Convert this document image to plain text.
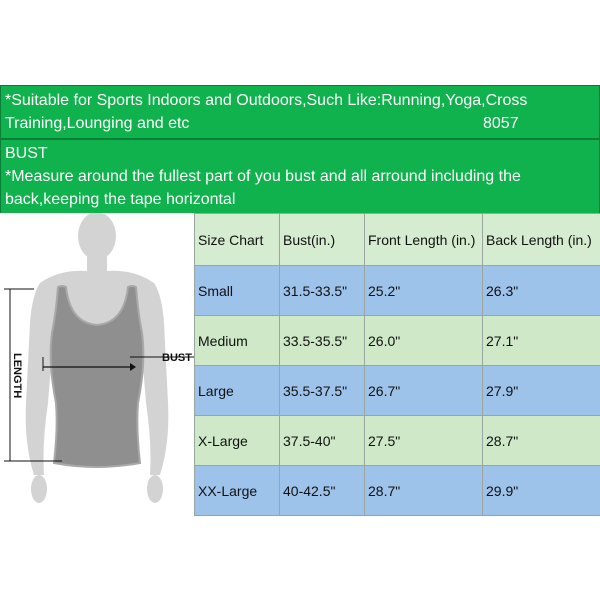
*Suitable for Sports Indoors and Outdoors,Such Like:Running,Yoga,Cross
Training,Lounging and etc	8057
BUST
*Measure around the fullest part of you bust and all arround including the
back,keeping the tape horizontal
LENGTH	BUST
Size Chart	Bust(in.)	Front Length (in.)	Back Length (in.)
Small	31.5-33.5"	25.2"	26.3"
Medium	33.5-35.5"	26.0"	27.1"
Large	35.5-37.5"	26.7"	27.9"
X-Large	37.5-40"	27.5"	28.7"
XX-Large	40-42.5"	28.7"	29.9"
